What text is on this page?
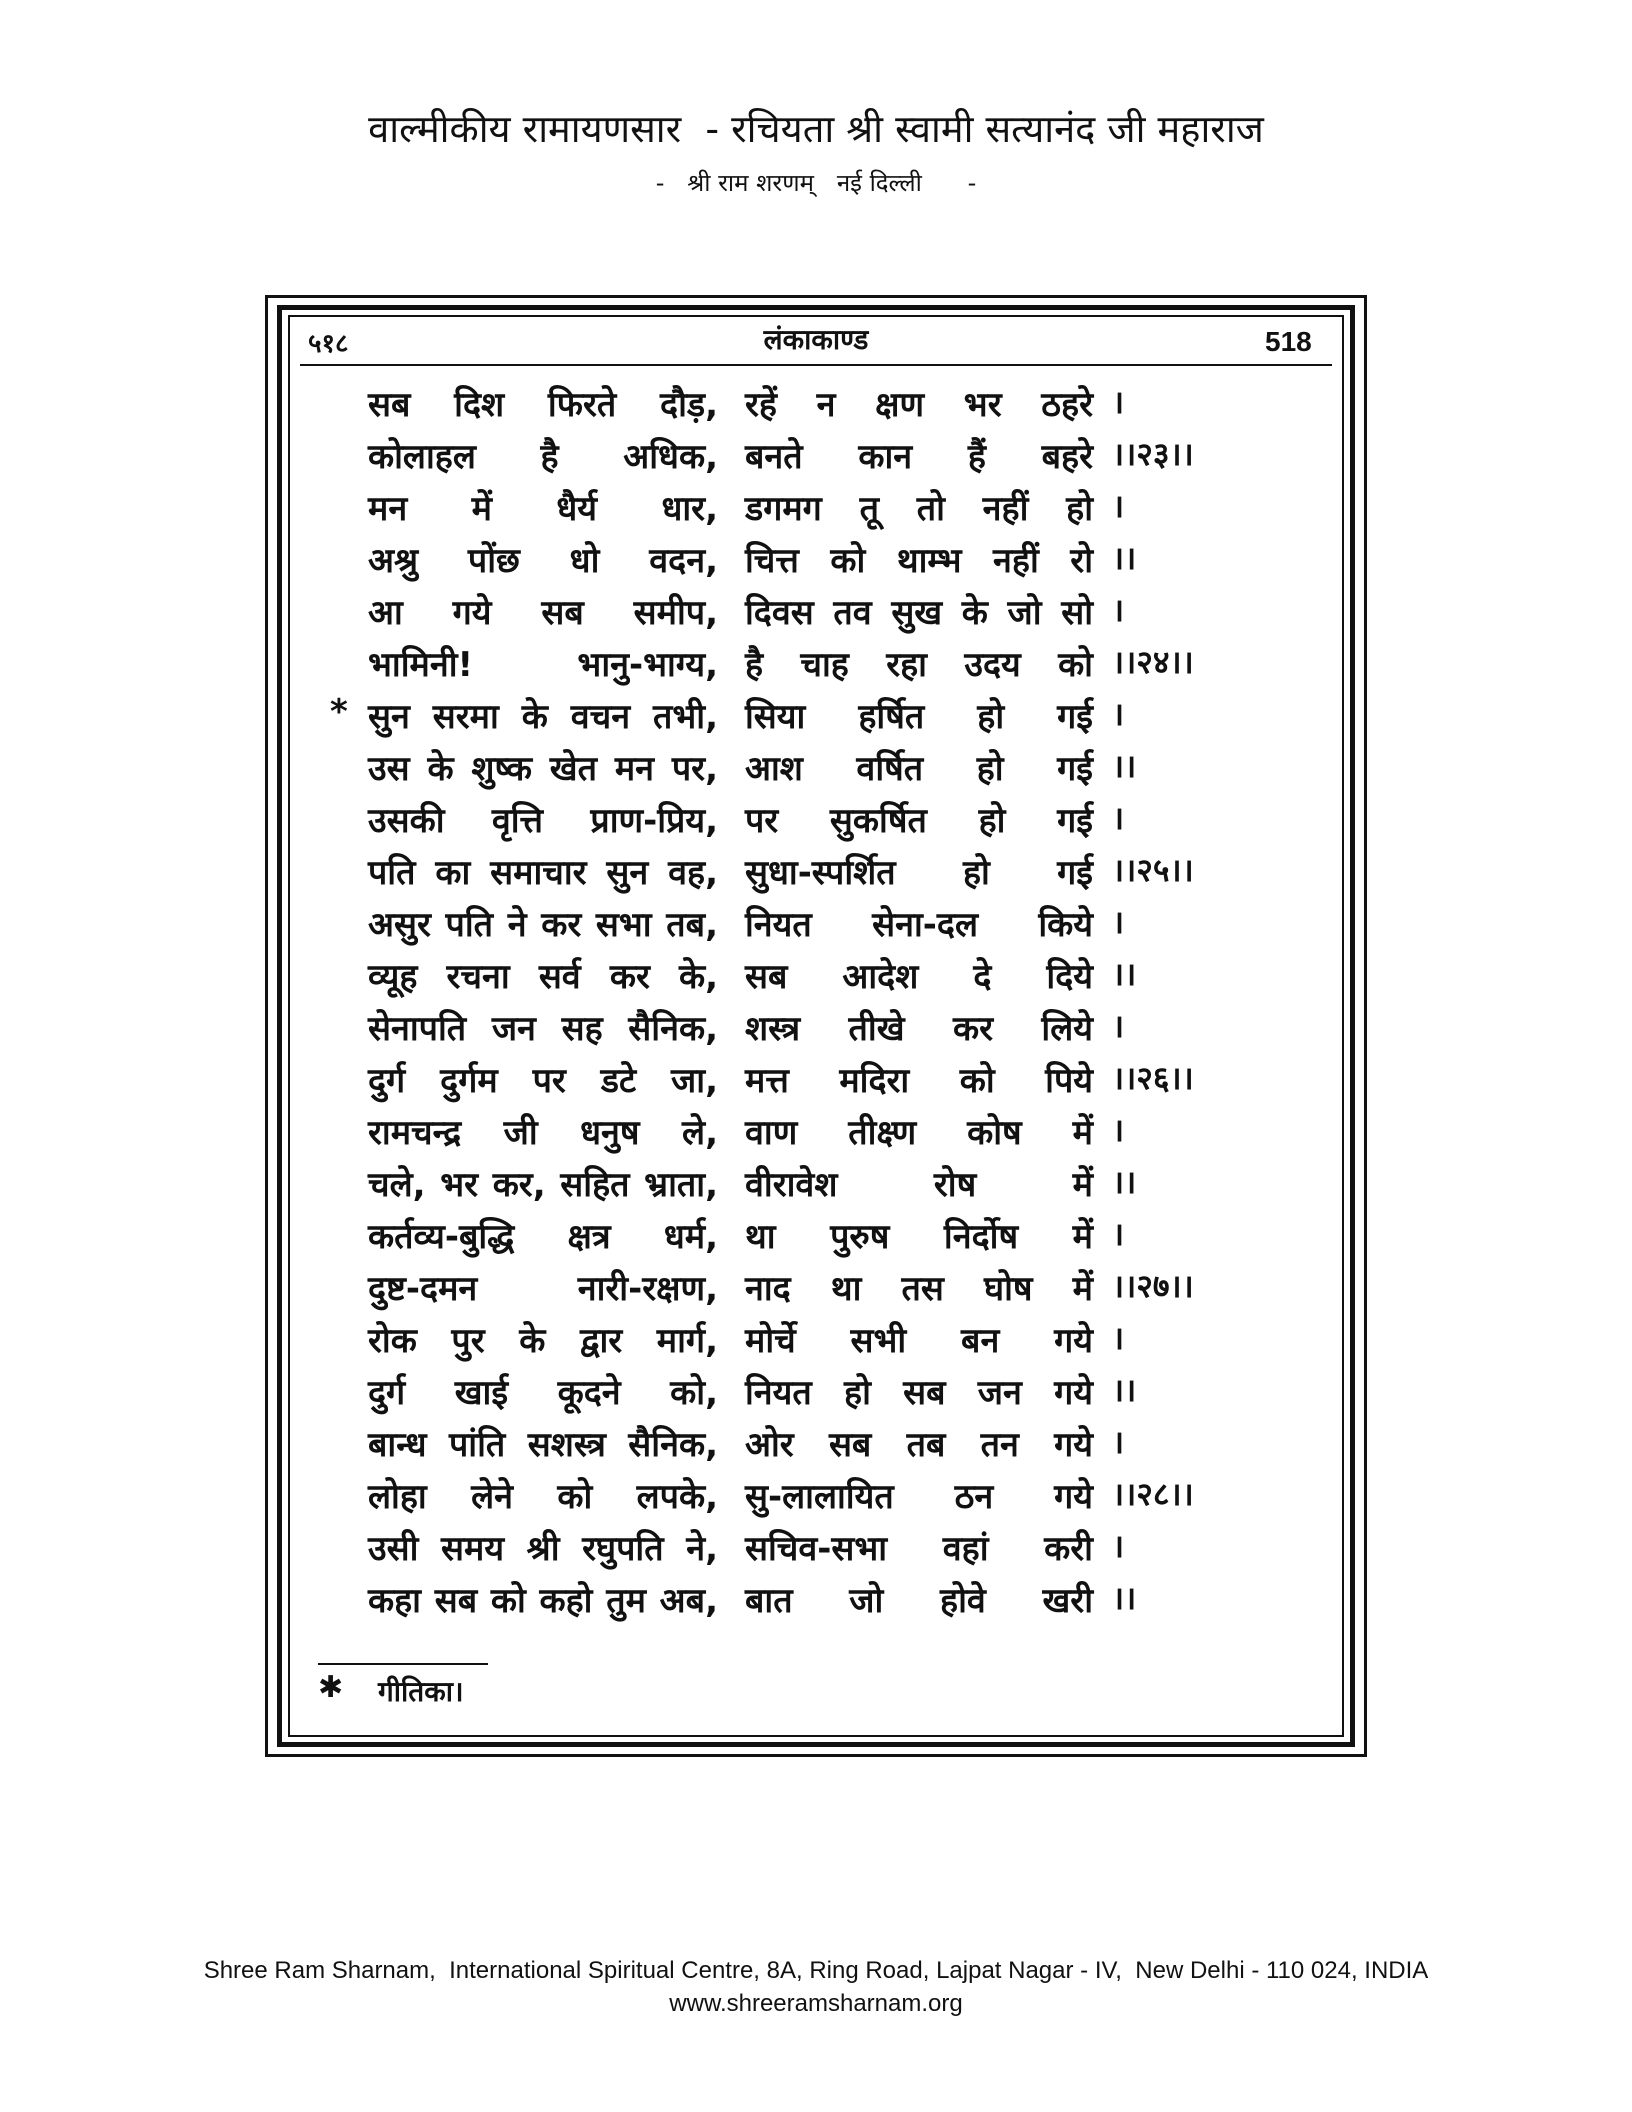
वाल्मीकीय रामायणसार  - रचियता श्री स्वामी सत्यानंद जी महाराज
-   श्री राम शरणम्   नई दिल्ली      -
५१८	लंकाकाण्ड	518
सब दिश फिरते दौड़, रहें न क्षण भर ठहरे ।
कोलाहल है अधिक, बनते कान हैं बहरे ।।२३।।
मन में धैर्य धार, डगमग तू तो नहीं हो ।
अश्रु पोंछ धो वदन, चित्त को थाम्भ नहीं रो ।।
आ गये सब समीप, दिवस तव सुख के जो सो ।
भामिनी! भानु-भाग्य, है चाह रहा उदय को ।।२४।।
* सुन सरमा के वचन तभी, सिया हर्षित हो गई ।
उस के शुष्क खेत मन पर, आश वर्षित हो गई ।।
उसकी वृत्ति प्राण-प्रिय, पर सुकर्षित हो गई ।
पति का समाचार सुन वह, सुधा-स्पर्शित हो गई ।।२५।।
असुर पति ने कर सभा तब, नियत सेना-दल किये ।
व्यूह रचना सर्व कर के, सब आदेश दे दिये ।।
सेनापति जन सह सैनिक, शस्त्र तीखे कर लिये ।
दुर्ग दुर्गम पर डटे जा, मत्त मदिरा को पिये ।।२६।।
रामचन्द्र जी धनुष ले, वाण तीक्ष्ण कोष में ।
चले, भर कर, सहित भ्राता, वीरावेश रोष में ।।
कर्तव्य-बुद्धि क्षत्र धर्म, था पुरुष निर्दोष में ।
दुष्ट-दमन नारी-रक्षण, नाद था तस घोष में ।।२७।।
रोक पुर के द्वार मार्ग, मोर्चे सभी बन गये ।
दुर्ग खाई कूदने को, नियत हो सब जन गये ।।
बान्ध पांति सशस्त्र सैनिक, ओर सब तब तन गये ।
लोहा लेने को लपके, सु-लालायित ठन गये ।।२८।।
उसी समय श्री रघुपति ने, सचिव-सभा वहां करी ।
कहा सब को कहो तुम अब, बात जो होवे खरी ।।
✱ गीतिका।
Shree Ram Sharnam,  International Spiritual Centre, 8A, Ring Road, Lajpat Nagar - IV,  New Delhi - 110 024, INDIA
www.shreeramsharnam.org
